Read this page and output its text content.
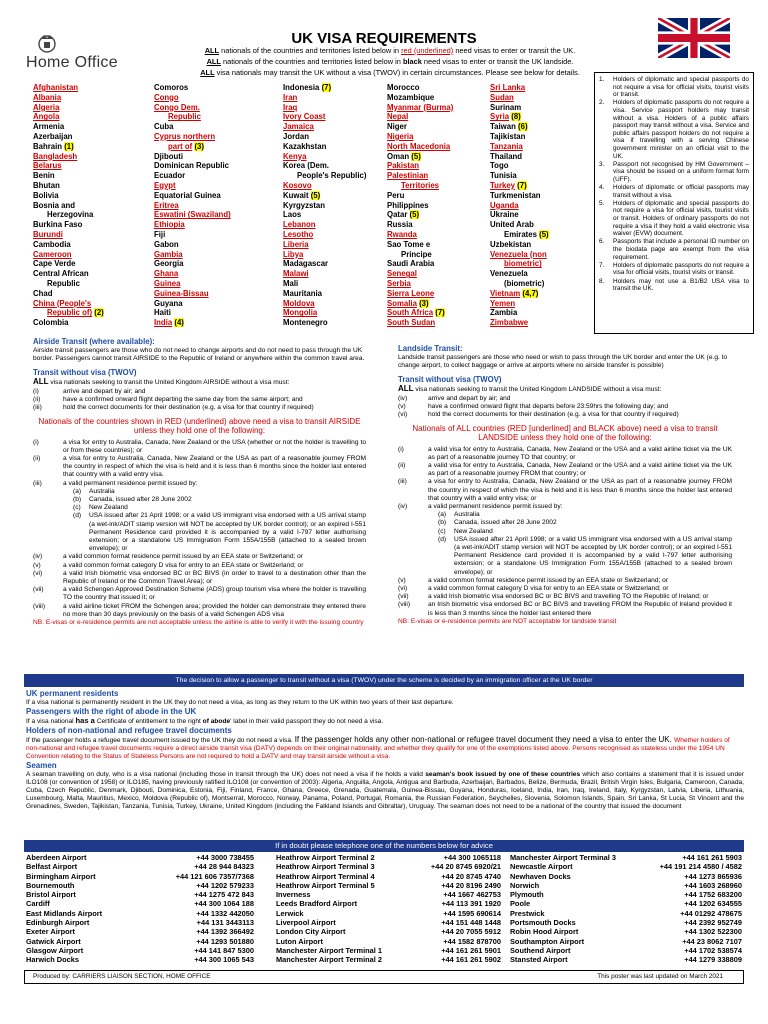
Home Office
UK VISA REQUIREMENTS
ALL nationals of the countries and territories listed below in red (underlined) need visas to enter or transit the UK.
ALL nationals of the countries and territories listed below in black need visas to enter or transit the UK landside.
ALL visa nationals may transit the UK without a visa (TWOV) in certain circumstances. Please see below for details.
Afghanistan
Albania
Algeria
Angola
Armenia
Azerbaijan
Bahrain (1)
Bangladesh
Belarus
Benin
Bhutan
Bolivia
Bosnia and
Herzegovina
Burkina Faso
Burundi
Cambodia
Cameroon
Cape Verde
Central African
Republic
Chad
China (People's
Republic of) (2)
Colombia
Comoros
Congo
Congo Dem.
Republic
Cuba
Cyprus northern
part of (3)
Djibouti
Dominican Republic
Ecuador
Egypt
Equatorial Guinea
Eritrea
Eswatini (Swaziland)
Ethiopia
Fiji
Gabon
Gambia
Georgia
Ghana
Guinea
Guinea-Bissau
Guyana
Haiti
India (4)
Indonesia (7)
Iran
Iraq
Ivory Coast
Jamaica
Jordan
Kazakhstan
Kenya
Korea (Dem.
People's Republic)
Kosovo
Kuwait (5)
Kyrgyzstan
Laos
Lebanon
Lesotho
Liberia
Libya
Madagascar
Malawi
Mali
Mauritania
Moldova
Mongolia
Montenegro
Morocco
Mozambique
Myanmar (Burma)
Nepal
Niger
Nigeria
North Macedonia
Oman (5)
Pakistan
Palestinian
Territories
Peru
Philippines
Qatar (5)
Russia
Rwanda
Sao Tome e
Principe
Saudi Arabia
Senegal
Serbia
Sierra Leone
Somalia (3)
South Africa (7)
South Sudan
Sri Lanka
Sudan
Surinam
Syria (8)
Taiwan (6)
Tajikistan
Tanzania
Thailand
Togo
Tunisia
Turkey (7)
Turkmenistan
Uganda
Ukraine
United Arab
Emirates (5)
Uzbekistan
Venezuela (non
biometric)
Venezuela
(biometric)
Vietnam (4,7)
Yemen
Zambia
Zimbabwe
1.	Holders of diplomatic and special passports do not require a visa for official visits, tourist visits or transit.
2.	Holders of diplomatic passports do not require a visa. Service passport holders may transit without a visa. Holders of a public affairs passport may transit without a visa. Service and public affairs passport holders do not require a visa if travelling with a serving Chinese government minister on an official visit to the UK.
3.	Passport not recognised by HM Government – visa should be issued on a uniform format form (UFF).
4.	Holders of diplomatic or official passports may transit without a visa.
5.	Holders of diplomatic and special passports do not require a visa for official visits, tourist visits or transit. Holders of ordinary passports do not require a visa if they hold a valid electronic visa waiver (EVW) document.
6.	Passports that include a personal ID number on the biodata page are exempt from the visa requirement.
7.	Holders of diplomatic passports do not require a visa for official visits, tourist visits or transit.
8.	Holders may not use a B1/B2 USA visa to transit the UK.
Airside Transit (where available):
Airside transit passengers are those who do not need to change airports and do not need to pass through the UK border. Passengers cannot transit AIRSIDE to the Republic of Ireland or anywhere within the common travel area.
Transit without visa (TWOV)
ALL visa nationals seeking to transit the United Kingdom AIRSIDE without a visa must:
(i)	arrive and depart by air; and
(ii)	have a confirmed onward flight departing the same day from the same airport; and
(iii)	hold the correct documents for their destination (e.g. a visa for that country if required)
Nationals of the countries shown in RED (underlined) above need a visa to transit AIRSIDE unless they hold one of the following:
(i)	a visa for entry to Australia, Canada, New Zealand or the USA (whether or not the holder is travelling to or from these countries); or
(ii)	a visa for entry to Australia, Canada, New Zealand or the USA as part of a reasonable journey FROM the country in respect of which the visa is held and it is less than 6 months since the holder last entered that country with a valid entry visa.
(iii)	a valid permanent residence permit issued by:
(a)	Australia
(b)	Canada, issued after 28 June 2002
(c)	New Zealand
(d)	USA issued after 21 April 1998; or a valid US immigrant visa endorsed with a US arrival stamp (a wet-ink/ADIT stamp version will NOT be accepted by UK border control); or an expired I-551 Permanent Residence card provided it is accompanied by a valid I-797 letter authorising extension; or a standalone US Immigration Form 155A/155B (attached to a sealed brown envelope); or
(iv)	a valid common format residence permit issued by an EEA state or Switzerland; or
(v)	a valid common format category D visa for entry to an EEA state or Switzerland; or
(vi)	a valid Irish biometric visa endorsed BC or BC BIVS (in order to travel to a destination other than the Republic of Ireland or the Common Travel Area); or
(vii)	a valid Schengen Approved Destination Scheme (ADS) group tourism visa where the holder is travelling TO the country that issued it; or
(viii)	a valid airline ticket FROM the Schengen area; provided the holder can demonstrate they entered there no more than 30 days previously on the basis of a valid Schengen ADS visa
NB: E-visas or e-residence permits are not acceptable unless the airline is able to verify it with the issuing country
Landside Transit:
Landside transit passengers are those who need or wish to pass through the UK border and enter the UK (e.g. to change airport, to collect baggage or arrive at airports where no airside transfer is possible)
Transit without visa (TWOV)
ALL visa nationals seeking to transit the United Kingdom LANDSIDE without a visa must:
(iv)	arrive and depart by air; and
(v)	have a confirmed onward flight that departs before 23:59hrs the following day; and
(vi)	hold the correct documents for their destination (e.g. a visa for that country if required)
Nationals of ALL countries (RED [underlined] and BLACK above) need a visa to transit LANDSIDE unless they hold one of the following:
(i)	a valid visa for entry to Australia, Canada, New Zealand or the USA and a valid airline ticket via the UK as part of a reasonable journey TO that country; or
(ii)	a valid visa for entry to Australia, Canada, New Zealand or the USA and a valid airline ticket via the UK as part of a reasonable journey FROM that country; or
(iii)	a visa for entry to Australia, Canada, New Zealand or the USA as part of a reasonable journey FROM the country in respect of which the visa is held and it is less than 6 months since the holder last entered that country with a valid entry visa; or
(iv)	a valid permanent residence permit issued by:
(a)	Australia
(b)	Canada, issued after 28 June 2002
(c)	New Zealand
(d)	USA issued after 21 April 1998; or a valid US immigrant visa endorsed with a US arrival stamp (a wet-ink/ADIT stamp version will NOT be accepted by UK border control); or an expired I-551 Permanent Residence card provided it is accompanied by a valid I-797 letter authorising extension; or a standalone US Immigration Form 155A/155B (attached to a sealed brown envelope); or
(v)	a valid common format residence permit issued by an EEA state or Switzerland; or
(vi)	a valid common format category D visa for entry to an EEA state or Switzerland; or
(vii)	a valid Irish biometric visa endorsed BC or BC BIVS and travelling TO the Republic of Ireland; or
(viii)	an Irish biometric visa endorsed BC or BC BIVS and travelling FROM the Republic of Ireland provided it is less than 3 months since the holder last entered there
NB: E-visas or e-residence permits are NOT acceptable for landside transit
The decision to allow a passenger to transit without a visa (TWOV) under the scheme is decided by an immigration officer at the UK border
UK permanent residents
If a visa national is permanently resident in the UK they do not need a visa, as long as they return to the UK within two years of their last departure.
Passengers with the right of abode in the UK
If a visa national has a Certificate of entitlement to the right of abode' label in their valid passport they do not need a visa.
Holders of non-national and refugee travel documents
If the passenger holds a refugee travel document issued by the UK they do not need a visa. If the passenger holds any other non-national or refugee travel document they need a visa to enter the UK. Whether holders of non-national and refugee travel documents require a direct airside transit visa (DATV) depends on their original nationality, and whether they qualify for one of the exemptions listed above. Persons recognised as stateless under the 1954 UN Convention relating to the Status of Stateless Persons are not required to hold a DATV and may transit airside without a visa.
Seamen
A seaman travelling on duty, who is a visa national (including those in transit through the UK) does not need a visa if he holds a valid seaman's book issued by one of these countries which also contains a statement that it is issued under ILO108 (or convention of 1958) or ILO185, having previously ratified ILO108 (or convention of 2003): Algeria, Anguilla, Angola, Antigua and Barbuda, Azerbaijan, Barbados, Belize, Bermuda, Brazil, British Virgin Isles, Bulgaria, Cameroon, Canada, Cuba, Czech Republic, Denmark, Djibouti, Dominica, Estonia, Fiji, Finland, France, Ghana, Greece, Grenada, Guatemala, Guinea-Bissau, Guyana, Honduras, Iceland, India, Iran, Iraq, Ireland, Italy, Kyrgyzstan, Latvia, Liberia, Lithuania, Luxembourg, Malta, Mauritius, Mexico, Moldova (Republic of), Montserrat, Morocco, Norway, Panama, Poland, Portugal, Romania, the Russian Federation, Seychelles, Slovenia, Solomon Islands, Spain, Sri Lanka, St Lucia, St Vincent and the Grenadines, Sweden, Tajikistan, Tanzania, Tunisia, Turkey, Ukraine, United Kingdom (including the Falkland Islands and Gibraltar), Uruguay. The seaman does not need to be a national of the country that issued the document
If in doubt please telephone one of the numbers below for advice
Aberdeen Airport	+44 3000 738455
Belfast Airport	+44 28 944 84323
Birmingham Airport	+44 121 606 7357/7368
Bournemouth	+44 1202 579233
Bristol Airport	+44 1275 472 843
Cardiff	+44 300 1064 188
East Midlands Airport	+44 1332 442050
Edinburgh Airport	+44 131 3443113
Exeter Airport	+44 1392 366492
Gatwick Airport	+44 1293 501880
Glasgow Airport	+44 141 847 5300
Harwich Docks	+44 300 1065 543
Heathrow Airport Terminal 2	+44 300 1065118
Heathrow Airport Terminal 3	+44 20 8745 6920/21
Heathrow Airport Terminal 4	+44 20 8745 4740
Heathrow Airport Terminal 5	+44 20 8196 2490
Inverness	+44 1667 462753
Leeds Bradford Airport	+44 113 391 1920
Lerwick	+44 1595 690614
Liverpool Airport	+44 151 448 1448
London City Airport	+44 20 7055 5912
Luton Airport	+44 1582 878700
Manchester Airport Terminal 1	+44 161 261 5901
Manchester Airport Terminal 2	+44 161 261 5902
Manchester Airport Terminal 3	+44 161 261 5903
Newcastle Airport	+44 191 214 4580 / 4582
Newhaven Docks	+44 1273 865936
Norwich	+44 1603 268960
Plymouth	+44 1752 683200
Poole	+44 1202 634555
Prestwick	+44 01292 478675
Portsmouth Docks	+44 2392 952749
Robin Hood Airport	+44 1302 522300
Southampton Airport	+44 23 8062 7107
Southend Airport	+44 1702 538574
Stansted Airport	+44 1279 338809
Produced by: CARRIERS LIAISON SECTION, HOME OFFICE	This poster was last updated on March 2021
